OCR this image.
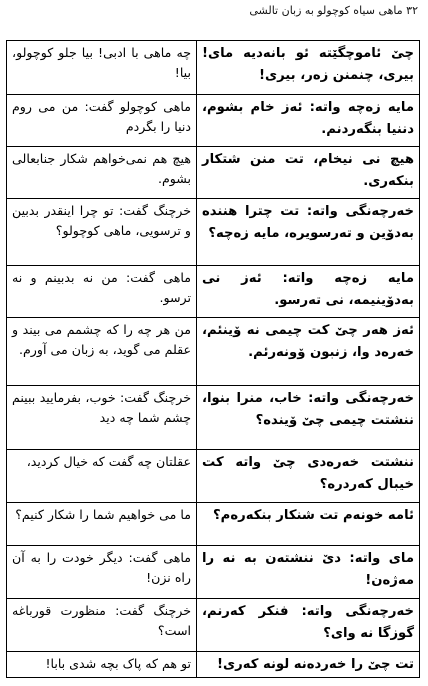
۳۲ ماهی سیاه کوچولو به زبان تالشی
چێ ئاموچگێته ئو بانەدیه مای! بیری، چنمنن زەر، بیری!	چه ماهی با ادبی! بیا جلو کوچولو، بیا!
مایە زەچە واتە: ئەز خام بشوم، دننیا بنگەردنم.	ماهی کوچولو گفت: من می روم دنیا را بگردم
هیچ نی نیخام، تت منن شتکار بنکەری.	هیچ هم نمی‌خواهم شکار جنابعالی بشوم.
خەرچەنگی واتە: تت چترا هننده بەدۆین و تەرسویرە، مایە زەچە؟	خرچنگ گفت: تو چرا اینقدر بدبین و ترسویی، ماهی کوچولو؟
مایە زەچە واتە: ئەز نی بەدۆینیمە، نی تەرسو.	ماهی گفت: من نه بدبینم و نه ترسو.
ئەز هەر چێ کت چیمی نە ۆینئم، خەرەد وا، زنبون ۆونەرئم.	من هر چه را که چشمم می بیند و عقلم می گوید، به زبان می آورم.
خەرچەنگی واتە: خاب، منرا بنوا، ننشتت چیمی چێ ۆینده؟	خرچنگ گفت: خوب، بفرمایید ببینم چشم شما چه دید
ننشتت خەرەدی چێ واتە کت خیبال کەردرە؟	عقلتان چه گفت که خیال کردید،
ئامە خونەم تت شنکار بنکەرەم؟	ما می خواهیم شما را شکار کنیم؟
مای واتە: دێ ننشتەن بە نە را مەژەن!	ماهی گفت: دیگر خودت را به آن راه نزن!
خەرچەنگی واتە: فنکر کەرنم، گوزگا نە وای؟	خرچنگ گفت: منظورت قورباغه است؟
تت چێ را خەردەنە لونە کەری!	تو هم که پاک بچه شدی بابا!
